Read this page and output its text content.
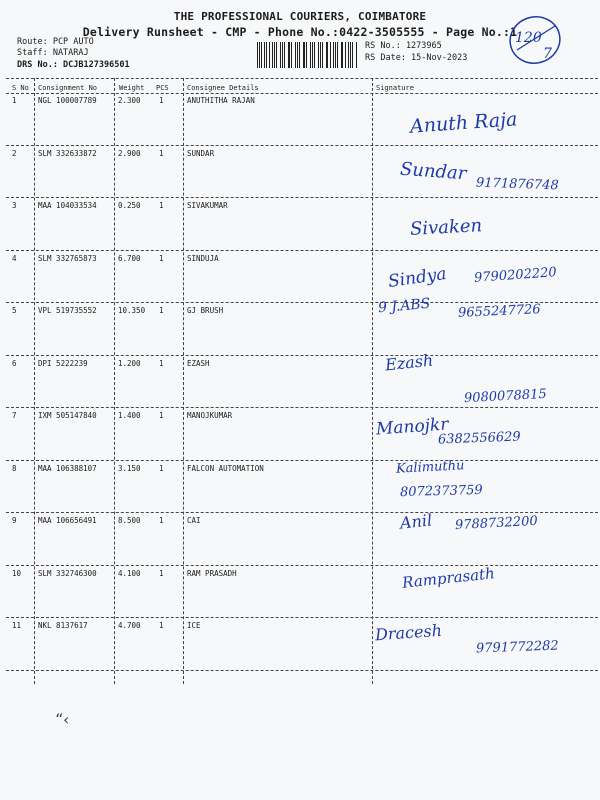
THE PROFESSIONAL COURIERS, COIMBATORE
Delivery Runsheet - CMP - Phone No.:0422-3505555 - Page No.:1
Route: PCP AUTO
Staff: NATARAJ
DRS No.: DCJB127396501
RS No.: 1273965
RS Date: 15-Nov-2023
120
7
S No Consignment No	Weight PCS	Consignee Details	Signature
1	NGL 100007789	2.300 1	ANUTHITHA RAJAN
Anuth Raja
2	SLM 332633872	2.900 1	SUNDAR
Sundar
9171876748
3	MAA 104033534	0.250 1	SIVAKUMAR
Sivaken
4	SLM 332765873	6.700 1	SINDUJA
Sindya 9790202220
5	VPL 519735552	10.350 1	GJ BRUSH	9 J.ABS 9655247726
6	DPI 5222239	1.200 1	EZASH	Ezash
9080078815
7	IXM 505147840	1.400 1	MANOJKUMAR	Manojkr
6382556629
8	MAA 106388107	3.150 1	FALCON AUTOMATION	Kalimuthu
8072373759
9	MAA 106656491	8.500 1	CAI	Anil 9788732200
10 SLM 332746300	4.100 1	RAM PRASADH	Ramprasath
11 NKL 8137617	4.700 1	ICE	Dracesh
9791772282
“‹
